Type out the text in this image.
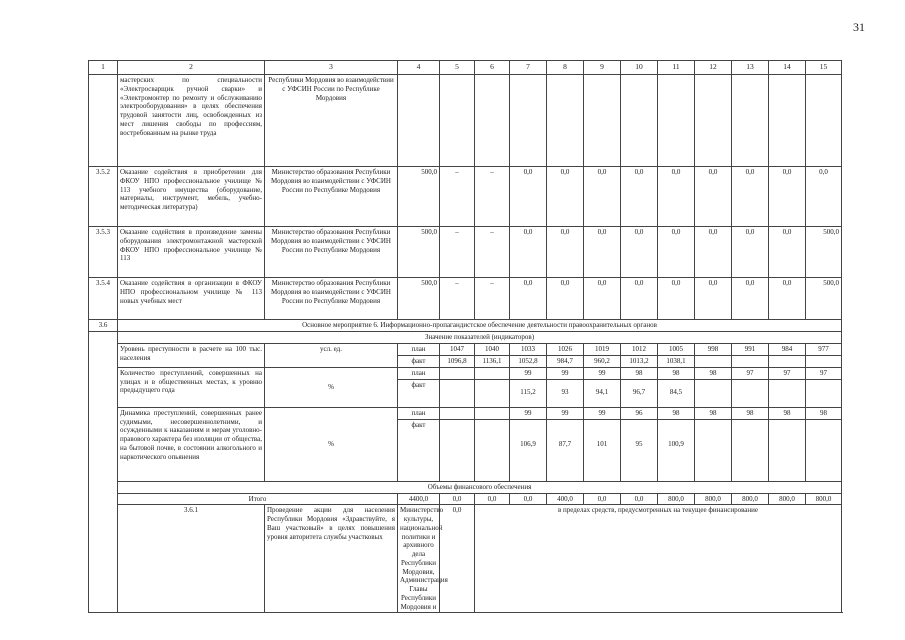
31
1	2	3	4	5	6	7	8	9	10	11	12	13	14	15
	мастерских по специальности «Электросварщик ручной сварки» и «Электромонтер по ремонту и обслуживанию электрооборудования» в целях обеспечения трудовой занятости лиц, освобожденных из мест лишения свободы по профессиям, востребованным на рынке труда	Республики Мордовия во взаимодействии с УФСИН России по Республике Мордовия												
3.5.2	Оказание содействия в приобретении для ФКОУ НПО профессиональное училище № 113 учебного имущества (оборудование, материалы, инструмент, мебель, учебно-методическая литература)	Министерство образования Республики Мордовия во взаимодействии с УФСИН России по Республике Мордовия	500,0	–	–	0,0	0,0	0,0	0,0	0,0	0,0	0,0	0,0	0,0
3.5.3	Оказание содействия в произведение замены оборудования электромонтажной мастерской ФКОУ НПО профессиональное училище № 113	Министерство образования Республики Мордовия во взаимодействии с УФСИН России по Республике Мордовия	500,0	–	–	0,0	0,0	0,0	0,0	0,0	0,0	0,0	0,0	500,0
3.5.4	Оказание содействия в организации в ФКОУ НПО профессиональном училище № 113 новых учебных мест	Министерство образования Республики Мордовия во взаимодействии с УФСИН России по Республике Мордовия	500,0	–	–	0,0	0,0	0,0	0,0	0,0	0,0	0,0	0,0	500,0
3.6	Основное мероприятие 6. Информационно-пропагандистское обеспечение деятельности правоохранительных органов													
	Значение показателей (индикаторов)													
	Уровень преступности в расчете на 100 тыс. населения	усл. ед.	план	1047	1040	1033	1026	1019	1012	1005	998	991	984	977
			факт	1096,8	1136,1	1052,8	984,7	960,2	1013,2	1038,1				
	Количество преступлений, совершенных на улицах и в общественных местах, к уровню предыдущего года	%	план			99	99	99	98	98	98	97	97	97
			факт			115,2	93	94,1	96,7	84,5				
	Динамика преступлений, совершенных ранее судимыми, несовершеннолетними, и осужденными к наказаниям и мерам уголовно-правового характера без изоляции от общества, на бытовой почве, в состоянии алкогольного и наркотического опьянения	%	план			99	99	99	96	98	98	98	98	98
			факт			106,9	87,7	101	95	100,9				
	Объемы финансового обеспечения													
	Итого		4400,0	0,0	0,0	0,0	400,0	0,0	0,0	800,0	800,0	800,0	800,0	800,0
	3.6.1	Проведение акции для населения Республики Мордовия «Здравствуйте, я Ваш участковый» в целях повышения уровня авторитета службы участковых	Министерство культуры, национальной политики и архивного дела Республики Мордовия, Администрация Главы Республики Мордовия и	0,0	в пределах средств, предусмотренных на текущее финансирование									
